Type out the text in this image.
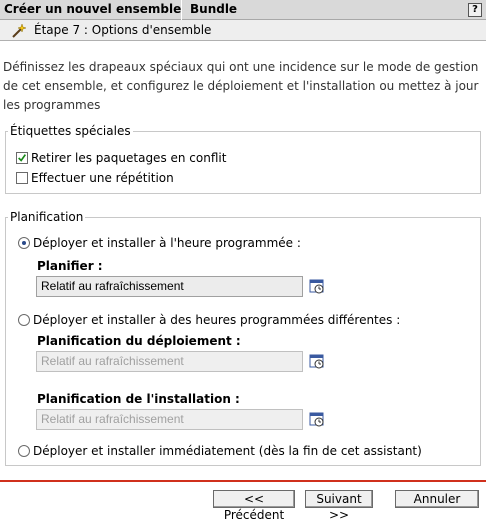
Créer un nouvel ensemble Bundle	?
Étape 7 : Options d'ensemble
Définissez les drapeaux spéciaux qui ont une incidence sur le mode de gestion de cet ensemble, et configurez le déploiement et l'installation ou mettez à jour les programmes
Étiquettes spéciales
Retirer les paquetages en conflit
Effectuer une répétition
Planification
Déployer et installer à l'heure programmée :
Planifier :
Relatif au rafraîchissement
Déployer et installer à des heures programmées différentes :
Planification du déploiement :
Relatif au rafraîchissement
Planification de l'installation :
Relatif au rafraîchissement
Déployer et installer immédiatement (dès la fin de cet assistant)
<< Précédent
Suivant >>
Annuler
